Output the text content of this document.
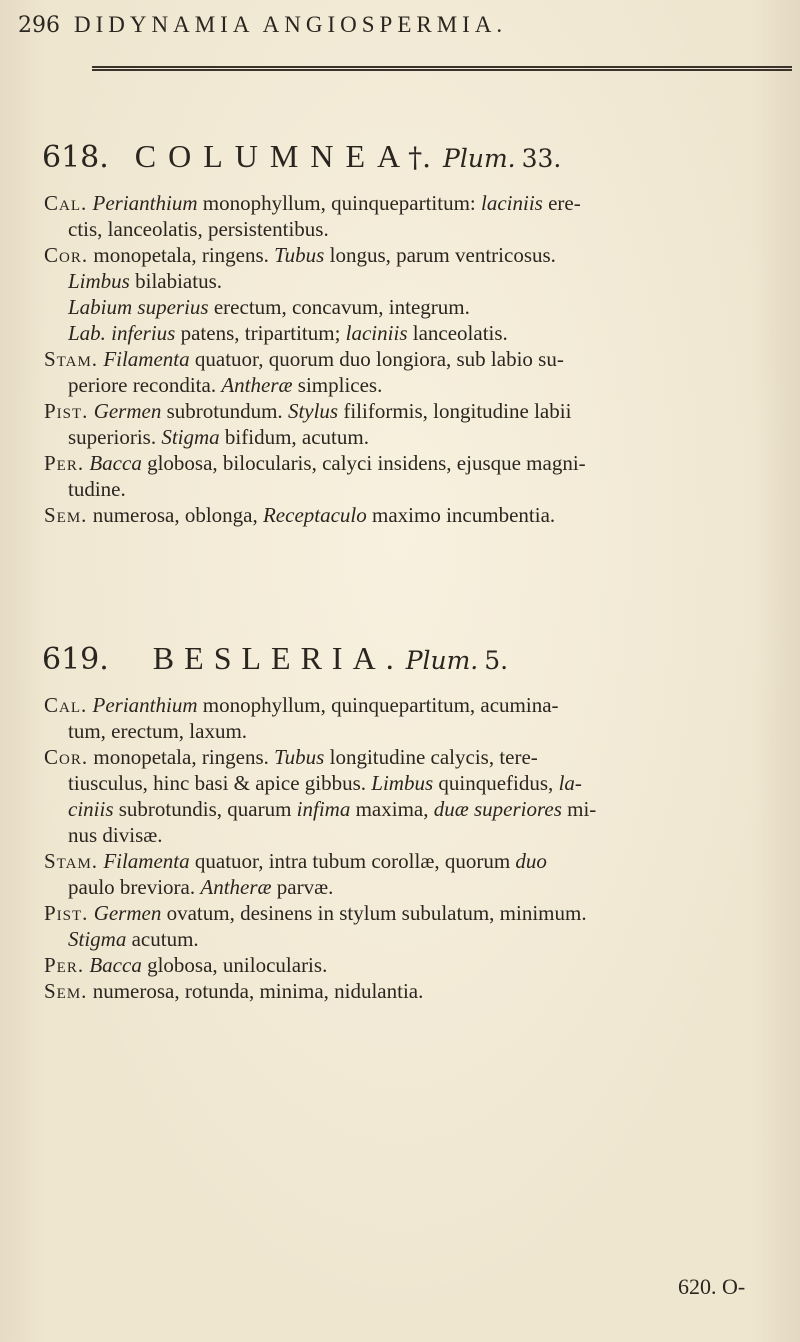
296 DIDYNAMIA ANGIOSPERMIA.
618. COLUMNEA†. Plum. 33.
Cal. Perianthium monophyllum, quinquepartitum: laciniis ere-
ctis, lanceolatis, persistentibus.
Cor. monopetala, ringens. Tubus longus, parum ventricosus.
Limbus bilabiatus.
Labium superius erectum, concavum, integrum.
Lab. inferius patens, tripartitum; laciniis lanceolatis.
Stam. Filamenta quatuor, quorum duo longiora, sub labio su-
periore recondita. Antheræ simplices.
Pist. Germen subrotundum. Stylus filiformis, longitudine labii
superioris. Stigma bifidum, acutum.
Per. Bacca globosa, bilocularis, calyci insidens, ejusque magni-
tudine.
Sem. numerosa, oblonga, Receptaculo maximo incumbentia.
619. BESLERIA.Plum. 5.
Cal. Perianthium monophyllum, quinquepartitum, acumina-
tum, erectum, laxum.
Cor. monopetala, ringens. Tubus longitudine calycis, tere-
tiusculus, hinc basi & apice gibbus. Limbus quinquefidus, la-
ciniis subrotundis, quarum infima maxima, duæ superiores mi-
nus divisæ.
Stam. Filamenta quatuor, intra tubum corollæ, quorum duo
paulo breviora. Antheræ parvæ.
Pist. Germen ovatum, desinens in stylum subulatum, minimum.
Stigma acutum.
Per. Bacca globosa, unilocularis.
Sem. numerosa, rotunda, minima, nidulantia.
620. O-
